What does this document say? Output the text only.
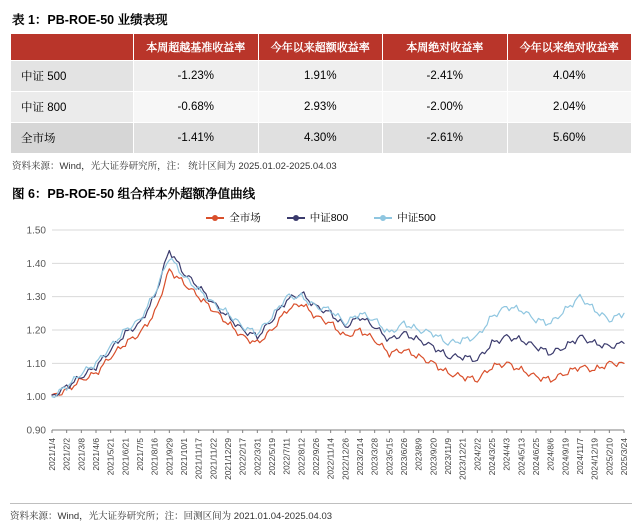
表 1：PB-ROE-50 业绩表现
	本周超越基准收益率	今年以来超额收益率	本周绝对收益率	今年以来绝对收益率
中证 500	-1.23%	1.91%	-2.41%	4.04%
中证 800	-0.68%	2.93%	-2.00%	2.04%
全市场	-1.41%	4.30%	-2.61%	5.60%
资料来源：Wind，光大证券研究所，注： 统计区间为 2025.01.02-2025.04.03
图 6：PB-ROE-50 组合样本外超额净值曲线
全市场	中证800	中证500
0.90
1.00
1.10
1.20
1.30
1.40
1.50
2021/1/4 2021/2/2 2021/3/8 2021/4/6 2021/5/21 2021/6/21 2021/7/5 2021/8/16 2021/9/29 2021/10/1 2021/11/17 2021/11/22 2021/12/29 2022/2/17 2022/3/31 2022/5/19 2022/7/11 2022/8/12 2022/9/26 2022/11/14 2022/12/26 2023/2/14 2023/3/28 2023/5/15 2023/6/26 2023/8/9 2023/9/20 2023/11/9 2023/12/21 2024/2/2 2024/3/25 2024/4/3 2024/5/13 2024/6/25 2024/8/6 2024/9/19 2024/11/7 2024/12/19 2025/2/10 2025/3/24
资料来源：Wind，光大证券研究所；注：回测区间为 2021.01.04-2025.04.03
